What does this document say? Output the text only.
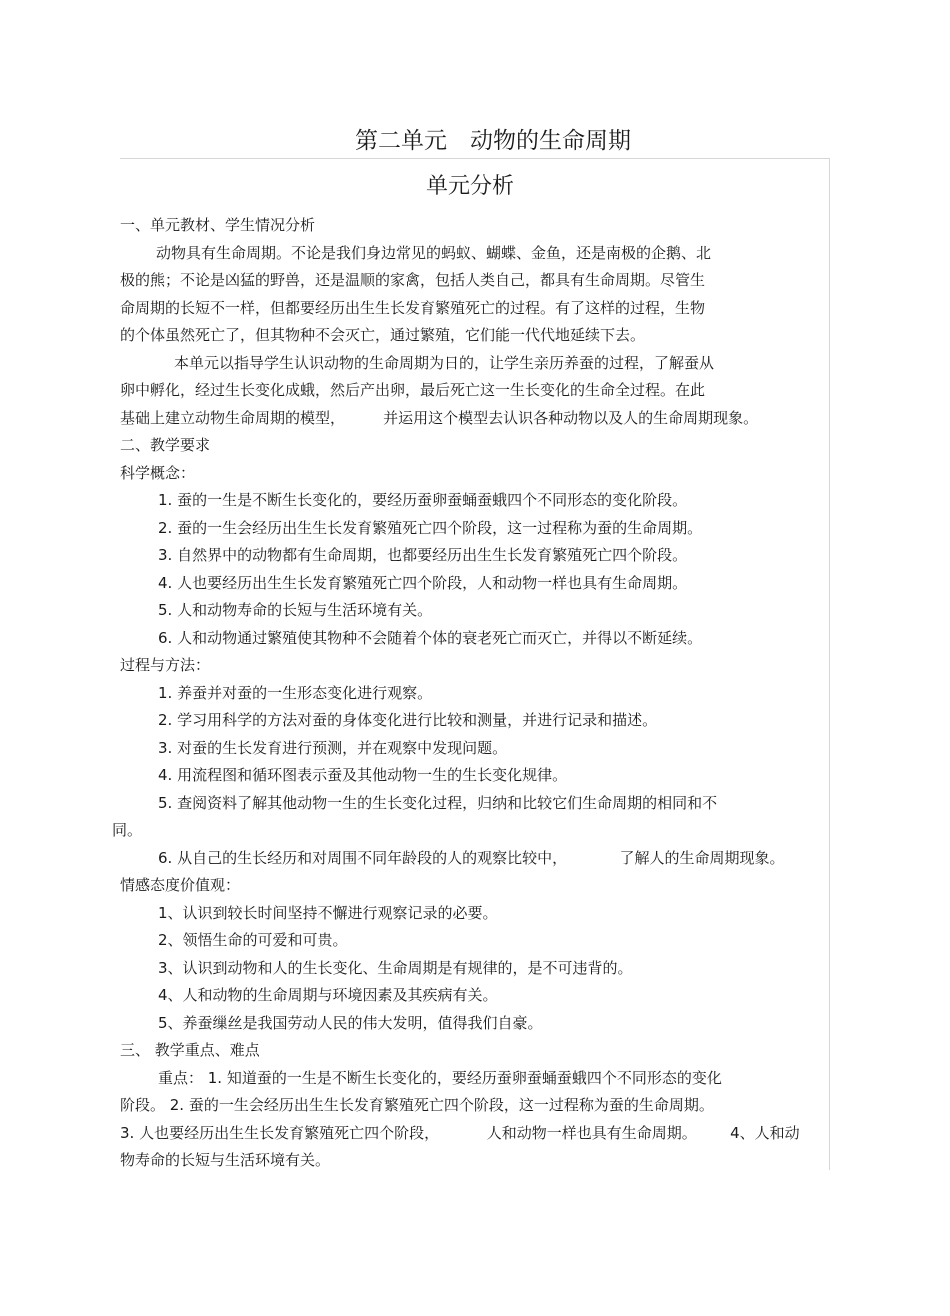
第二单元　动物的生命周期
单元分析

一、单元教材、学生情况分析

动物具有生命周期。不论是我们身边常见的蚂蚁、蝴蝶、金鱼，还是南极的企鹅、北

极的熊；不论是凶猛的野兽，还是温顺的家禽，包括人类自己，都具有生命周期。尽管生

命周期的长短不一样，但都要经历出生生长发育繁殖死亡的过程。有了这样的过程，生物

的个体虽然死亡了，但其物种不会灭亡，通过繁殖，它们能一代代地延续下去。

本单元以指导学生认识动物的生命周期为日的，让学生亲历养蚕的过程，了解蚕从

卵中孵化，经过生长变化成蛾，然后产出卵，最后死亡这一生长变化的生命全过程。在此

基础上建立动物生命周期的模型，        并运用这个模型去认识各种动物以及人的生命周期现象。

二、教学要求

科学概念：

1. 蚕的一生是不断生长变化的，要经历蚕卵蚕蛹蚕蛾四个不同形态的变化阶段。

2. 蚕的一生会经历出生生长发育繁殖死亡四个阶段，这一过程称为蚕的生命周期。

3. 自然界中的动物都有生命周期，也都要经历出生生长发育繁殖死亡四个阶段。

4. 人也要经历出生生长发育繁殖死亡四个阶段，人和动物一样也具有生命周期。

5. 人和动物寿命的长短与生活环境有关。

6. 人和动物通过繁殖使其物种不会随着个体的衰老死亡而灭亡，并得以不断延续。

过程与方法：

1. 养蚕并对蚕的一生形态变化进行观察。

2. 学习用科学的方法对蚕的身体变化进行比较和测量，并进行记录和描述。

3. 对蚕的生长发育进行预测，并在观察中发现问题。

4. 用流程图和循环图表示蚕及其他动物一生的生长变化规律。

5. 查阅资料了解其他动物一生的生长变化过程，归纳和比较它们生命周期的相同和不

同。

6. 从自己的生长经历和对周围不同年龄段的人的观察比较中，           了解人的生命周期现象。

情感态度价值观：

1、认识到较长时间坚持不懈进行观察记录的必要。

2、领悟生命的可爱和可贵。

3、认识到动物和人的生长变化、生命周期是有规律的，是不可违背的。

4、人和动物的生命周期与环境因素及其疾病有关。

5、养蚕缫丝是我国劳动人民的伟大发明，值得我们自豪。

三、 教学重点、难点

重点： 1. 知道蚕的一生是不断生长变化的，要经历蚕卵蚕蛹蚕蛾四个不同形态的变化

阶段。 2. 蚕的一生会经历出生生长发育繁殖死亡四个阶段，这一过程称为蚕的生命周期。

3. 人也要经历出生生长发育繁殖死亡四个阶段，          人和动物一样也具有生命周期。       4、人和动

物寿命的长短与生活环境有关。
